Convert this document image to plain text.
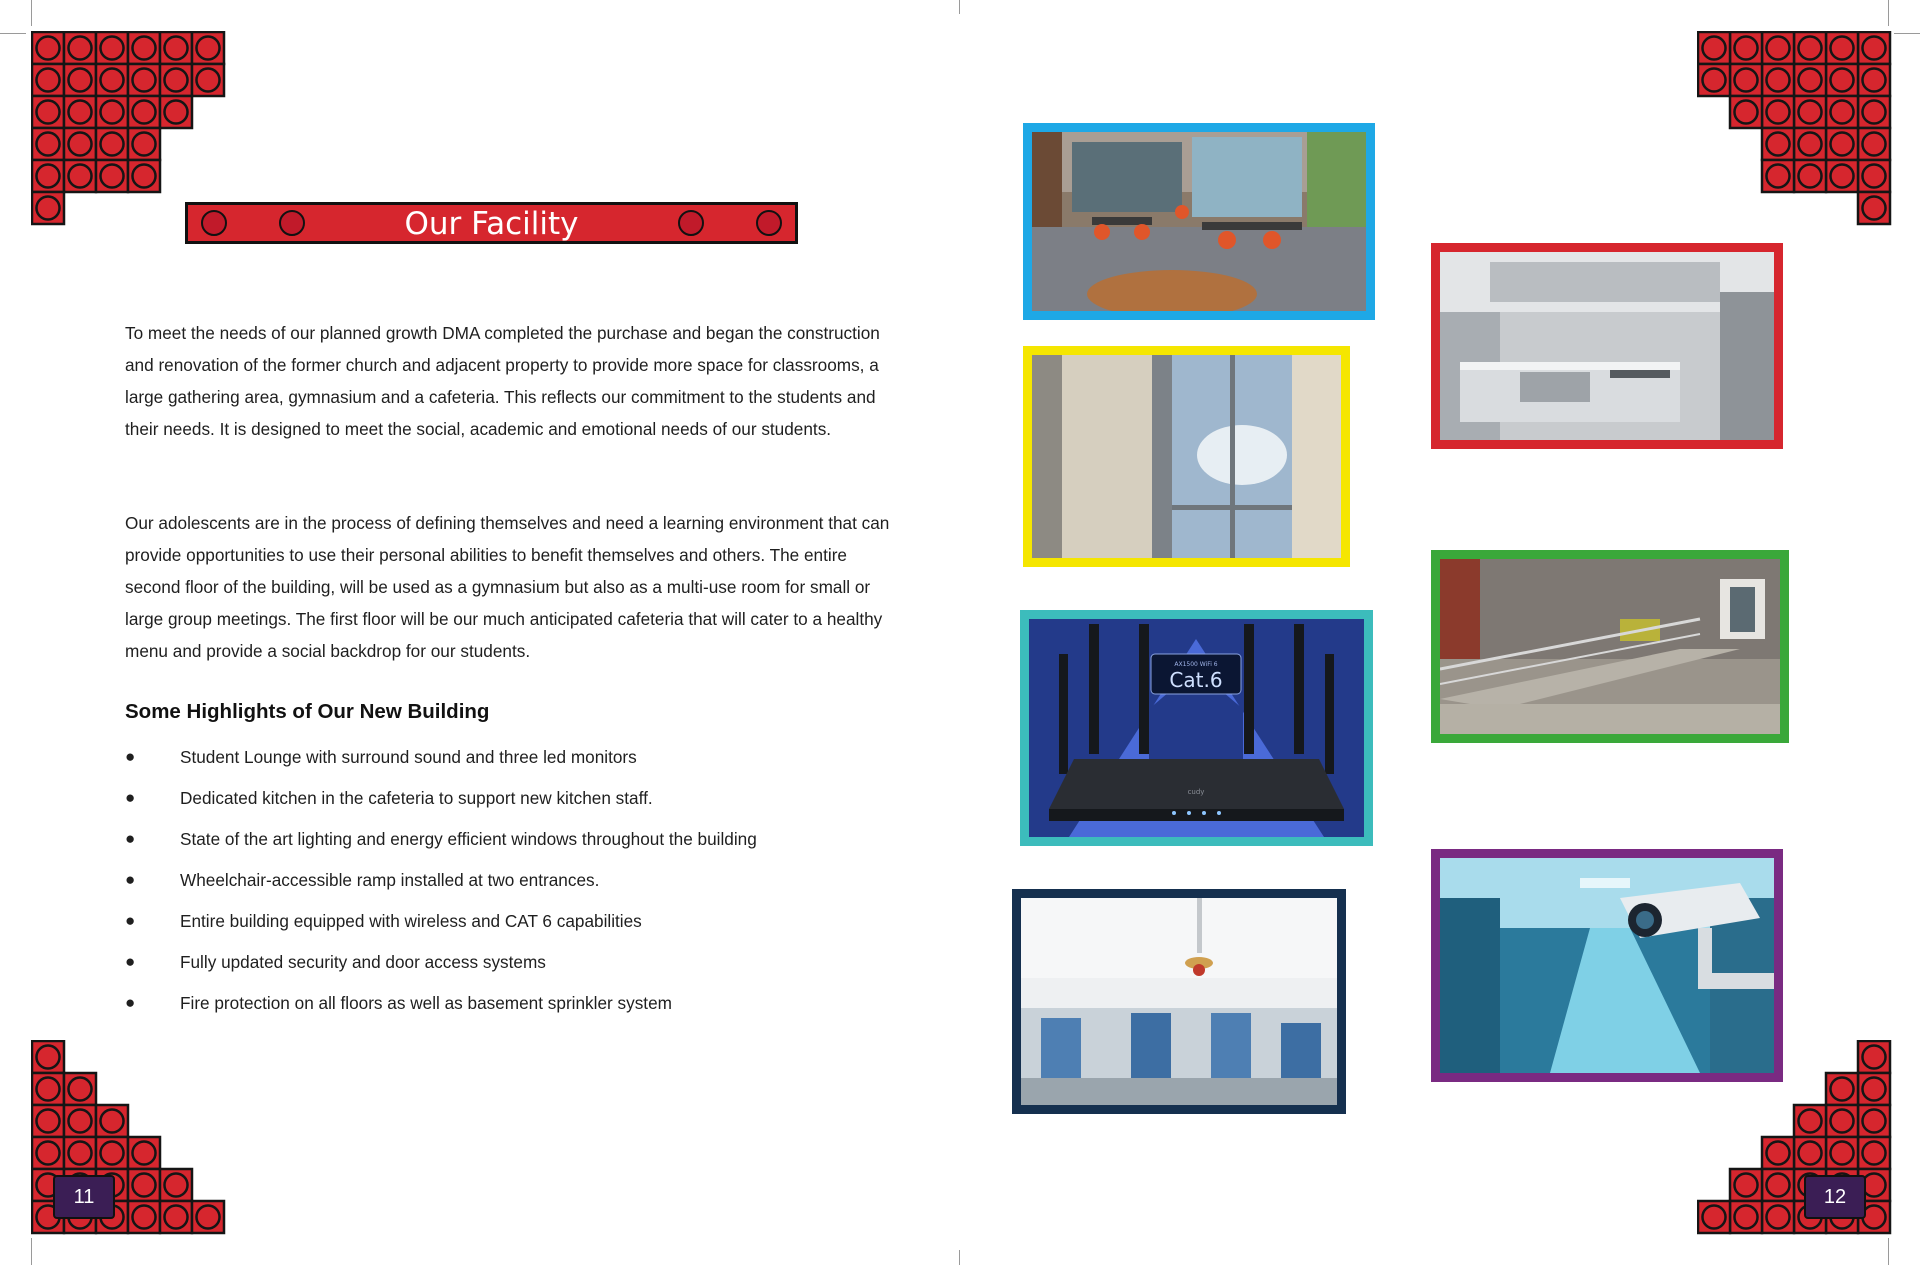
Our Facility

To meet the needs of our planned growth DMA completed the purchase and began the construction and renovation of the former church and adjacent property to provide more space for classrooms, a large gathering area, gymnasium and a cafeteria. This reflects our commitment to the students and their needs. It is designed to meet the social, academic and emotional needs of our students.

Our adolescents are in the process of defining themselves and need a learning environment that can provide opportunities to use their personal abilities to benefit themselves and others. The entire second floor of the building, will be used as a gymnasium but also as a multi-use room for small or large group meetings. The first floor will be our much anticipated cafeteria that will cater to a healthy menu and provide a social backdrop for our students.

Some Highlights of Our New Building
●	Student Lounge with surround sound and three led monitors
●	Dedicated kitchen in the cafeteria to support new kitchen staff.
●	State of the art lighting and energy efficient windows throughout the building
●	Wheelchair-accessible ramp installed at two entrances.
●	Entire building equipped with wireless and CAT 6 capabilities
●	Fully updated security and door access systems
●	Fire protection on all floors as well as basement sprinkler system
11
AX1500 WiFi 6
Cat.6
cudy
12
